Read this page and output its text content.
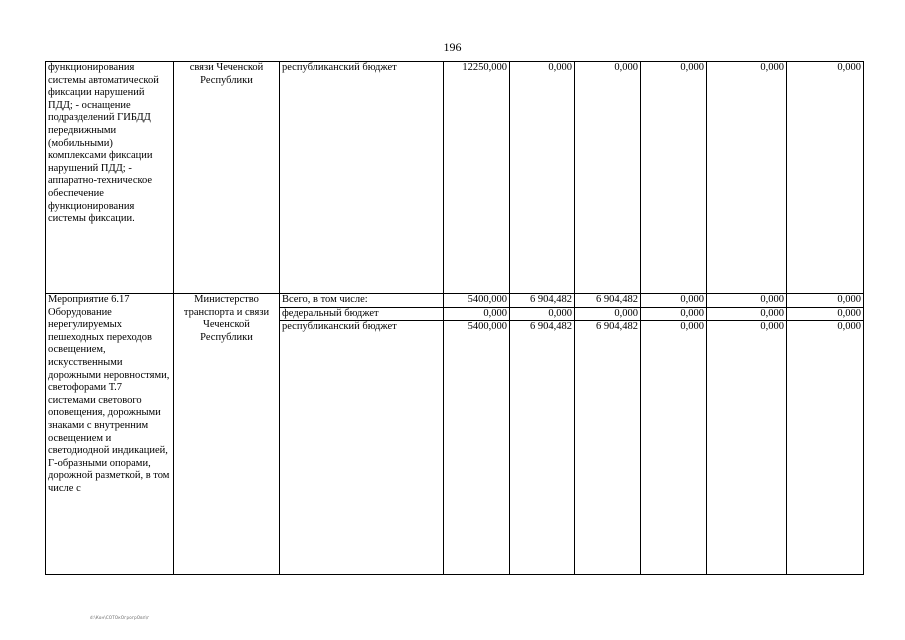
196
функционирования системы автоматической фиксации нарушений ПДД; - оснащение подразделений ГИБДД передвижными (мобильными) комплексами фиксации нарушений ПДД; - аппаратно-техническое обеспечение функционирования системы фиксации.	связи Чеченской Республики	республиканский бюджет	12250,000	0,000	0,000	0,000	0,000	0,000
Мероприятие 6.17 Оборудование нерегулируемых пешеходных переходов освещением, искусственными дорожными неровностями, светофорами Т.7 системами светового оповещения, дорожными знаками с внутренним освещением и светодиодной индикацией, Г-образными опорами, дорожной разметкой, в том числе с	Министерство транспорта и связи Чеченской Республики	Всего, в том числе:	5400,000	6 904,482	6 904,482	0,000	0,000	0,000
		федеральный бюджет	0,000	0,000	0,000	0,000	0,000	0,000
		республиканский бюджет	5400,000	6 904,482	6 904,482	0,000	0,000	0,000
d:\Кон\СОТОкОгрогрОвп\г
